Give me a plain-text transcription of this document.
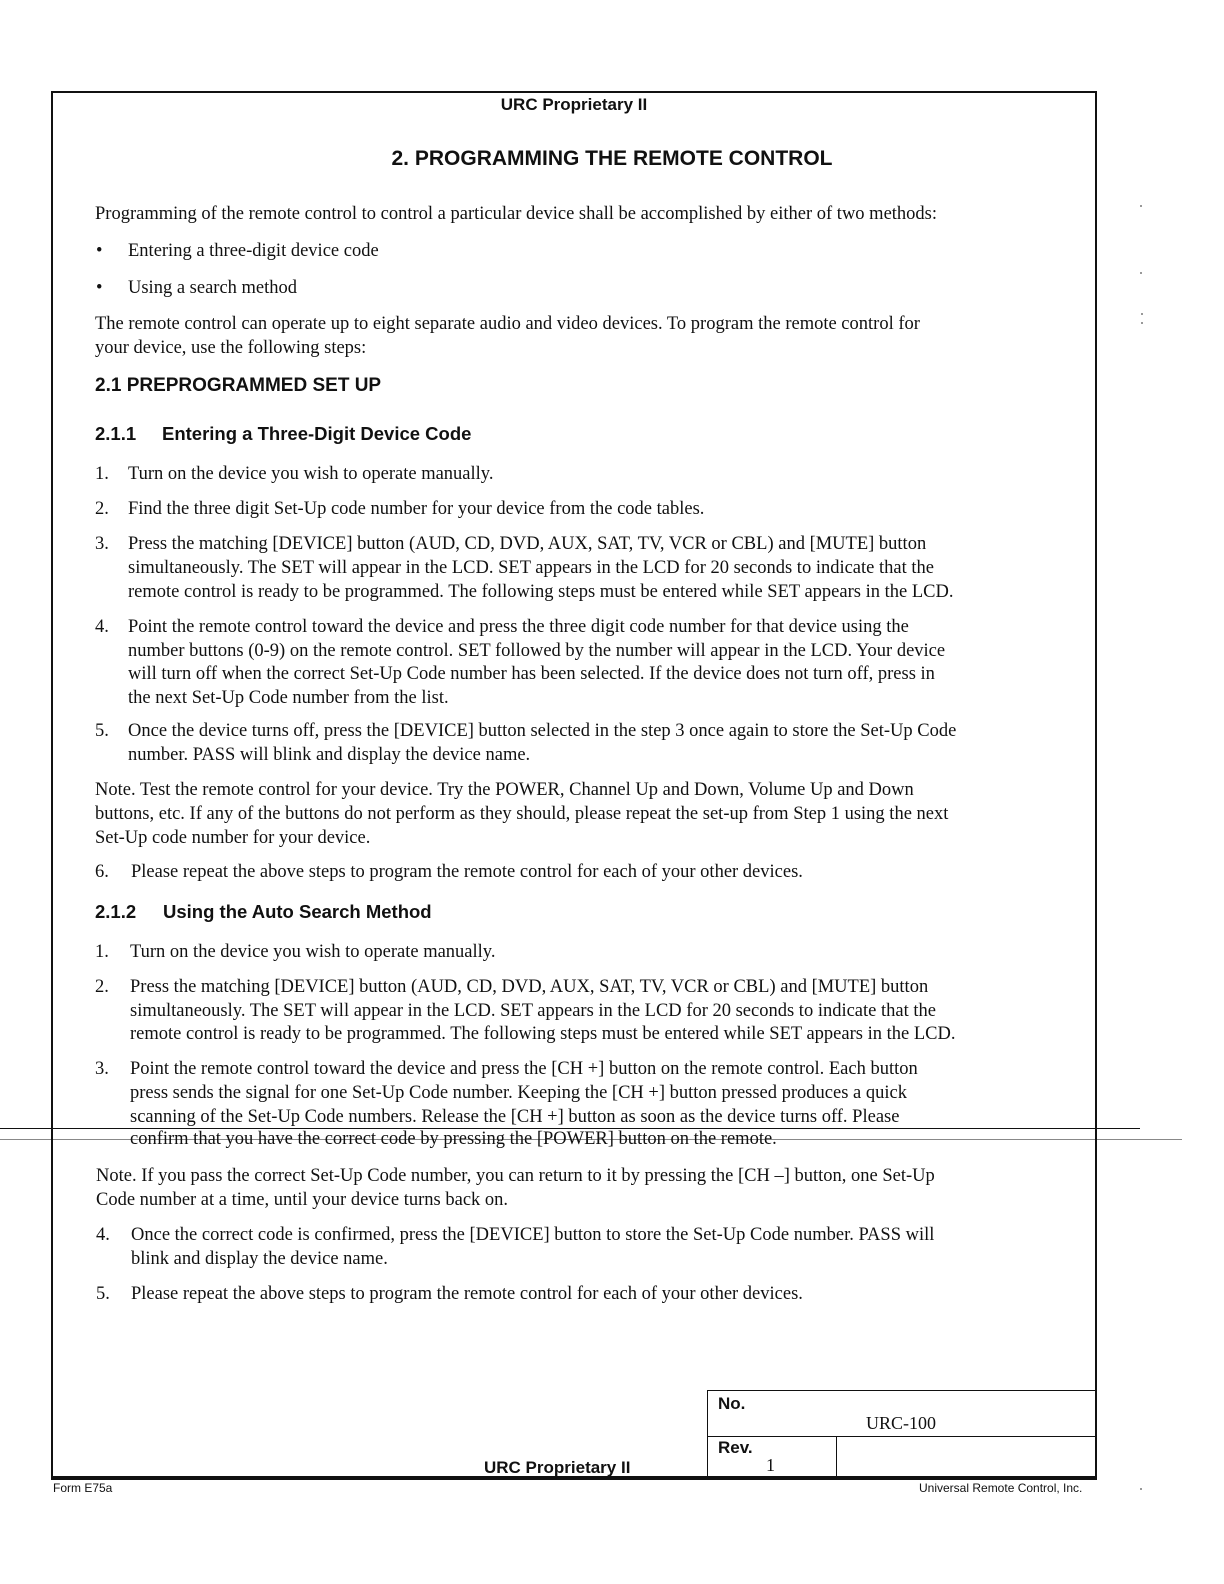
URC Proprietary II
2. PROGRAMMING THE REMOTE CONTROL
Programming of the remote control to control a particular device shall be accomplished by either of two methods:
• Entering a three-digit device code
• Using a search method
The remote control can operate up to eight separate audio and video devices. To program the remote control for
your device, use the following steps:
2.1 PREPROGRAMMED SET UP
2.1.1 Entering a Three-Digit Device Code
1. Turn on the device you wish to operate manually.
2. Find the three digit Set-Up code number for your device from the code tables.
3. Press the matching [DEVICE] button (AUD, CD, DVD, AUX, SAT, TV, VCR or CBL) and [MUTE] button
simultaneously. The SET will appear in the LCD. SET appears in the LCD for 20 seconds to indicate that the
remote control is ready to be programmed. The following steps must be entered while SET appears in the LCD.
4. Point the remote control toward the device and press the three digit code number for that device using the
number buttons (0-9) on the remote control. SET followed by the number will appear in the LCD. Your device
will turn off when the correct Set-Up Code number has been selected. If the device does not turn off, press in
the next Set-Up Code number from the list.
5. Once the device turns off, press the [DEVICE] button selected in the step 3 once again to store the Set-Up Code
number. PASS will blink and display the device name.
Note. Test the remote control for your device. Try the POWER, Channel Up and Down, Volume Up and Down
buttons, etc. If any of the buttons do not perform as they should, please repeat the set-up from Step 1 using the next
Set-Up code number for your device.
6. Please repeat the above steps to program the remote control for each of your other devices.
2.1.2 Using the Auto Search Method
1. Turn on the device you wish to operate manually.
2. Press the matching [DEVICE] button (AUD, CD, DVD, AUX, SAT, TV, VCR or CBL) and [MUTE] button
simultaneously. The SET will appear in the LCD. SET appears in the LCD for 20 seconds to indicate that the
remote control is ready to be programmed. The following steps must be entered while SET appears in the LCD.
3. Point the remote control toward the device and press the [CH +] button on the remote control. Each button
press sends the signal for one Set-Up Code number. Keeping the [CH +] button pressed produces a quick
scanning of the Set-Up Code numbers. Release the [CH +] button as soon as the device turns off. Please
confirm that you have the correct code by pressing the [POWER] button on the remote.
Note. If you pass the correct Set-Up Code number, you can return to it by pressing the [CH –] button, one Set-Up
Code number at a time, until your device turns back on.
4. Once the correct code is confirmed, press the [DEVICE] button to store the Set-Up Code number. PASS will
blink and display the device name.
5. Please repeat the above steps to program the remote control for each of your other devices.
No.
URC-100
Rev.
1
URC Proprietary II
Form E75a	Universal Remote Control, Inc.
